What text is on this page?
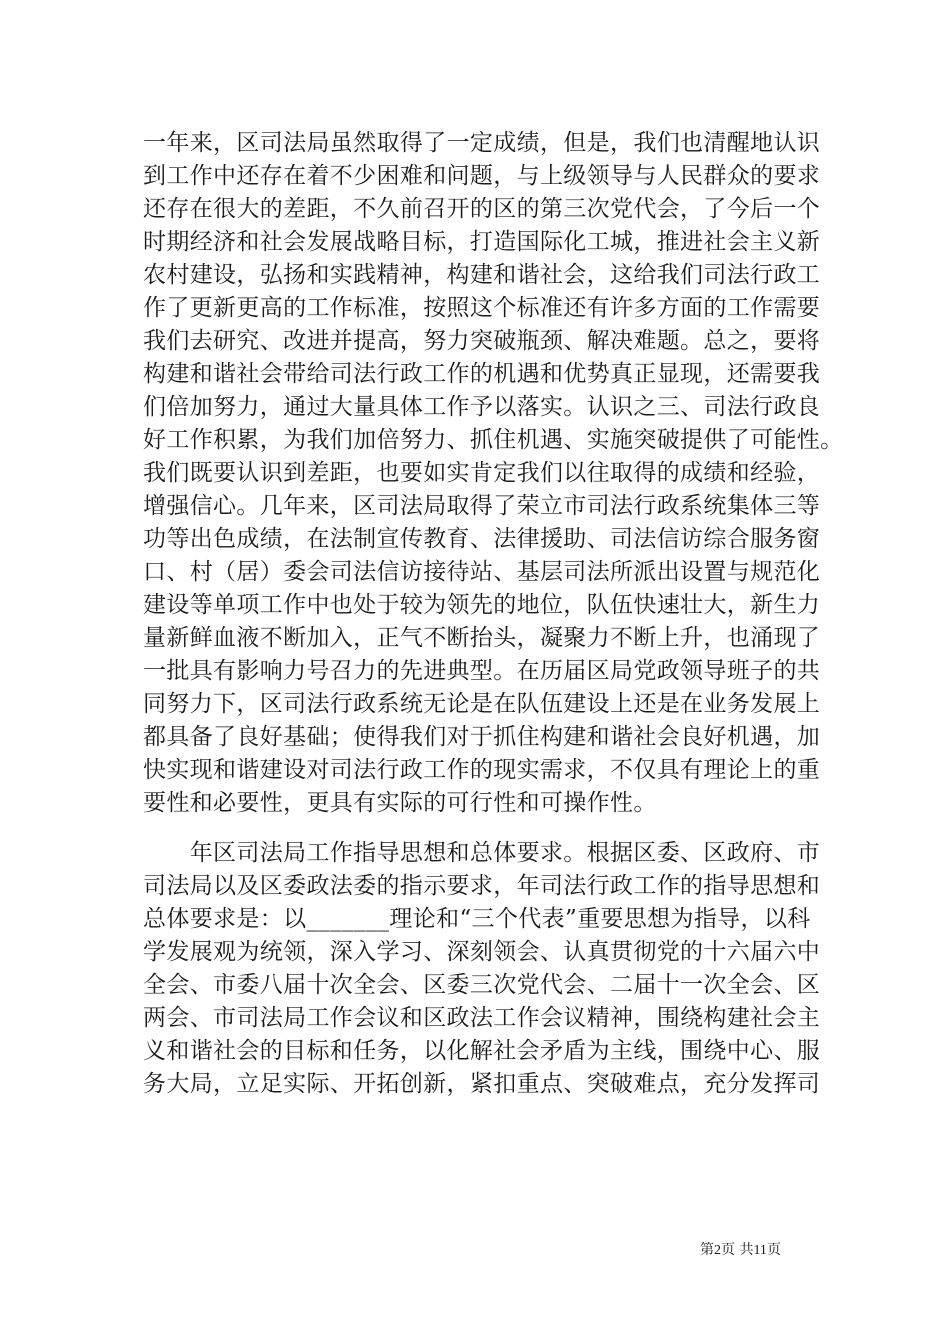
一年来，区司法局虽然取得了一定成绩，但是，我们也清醒地认识
到工作中还存在着不少困难和问题，与上级领导与人民群众的要求
还存在很大的差距，不久前召开的区的第三次党代会，了今后一个
时期经济和社会发展战略目标，打造国际化工城，推进社会主义新
农村建设，弘扬和实践精神，构建和谐社会，这给我们司法行政工
作了更新更高的工作标准，按照这个标准还有许多方面的工作需要
我们去研究、改进并提高，努力突破瓶颈、解决难题。总之，要将
构建和谐社会带给司法行政工作的机遇和优势真正显现，还需要我
们倍加努力，通过大量具体工作予以落实。认识之三、司法行政良
好工作积累，为我们加倍努力、抓住机遇、实施突破提供了可能性。
我们既要认识到差距，也要如实肯定我们以往取得的成绩和经验，
增强信心。几年来，区司法局取得了荣立市司法行政系统集体三等
功等出色成绩，在法制宣传教育、法律援助、司法信访综合服务窗
口、村（居）委会司法信访接待站、基层司法所派出设置与规范化
建设等单项工作中也处于较为领先的地位，队伍快速壮大，新生力
量新鲜血液不断加入，正气不断抬头，凝聚力不断上升，也涌现了
一批具有影响力号召力的先进典型。在历届区局党政领导班子的共
同努力下，区司法行政系统无论是在队伍建设上还是在业务发展上
都具备了良好基础；使得我们对于抓住构建和谐社会良好机遇，加
快实现和谐建设对司法行政工作的现实需求，不仅具有理论上的重
要性和必要性，更具有实际的可行性和可操作性。
　　年区司法局工作指导思想和总体要求。根据区委、区政府、市
司法局以及区委政法委的指示要求，年司法行政工作的指导思想和
总体要求是：以_______理论和“三个代表”重要思想为指导，以科
学发展观为统领，深入学习、深刻领会、认真贯彻党的十六届六中
全会、市委八届十次全会、区委三次党代会、二届十一次全会、区
两会、市司法局工作会议和区政法工作会议精神，围绕构建社会主
义和谐社会的目标和任务，以化解社会矛盾为主线，围绕中心、服
务大局，立足实际、开拓创新，紧扣重点、突破难点，充分发挥司
第2页 共11页
